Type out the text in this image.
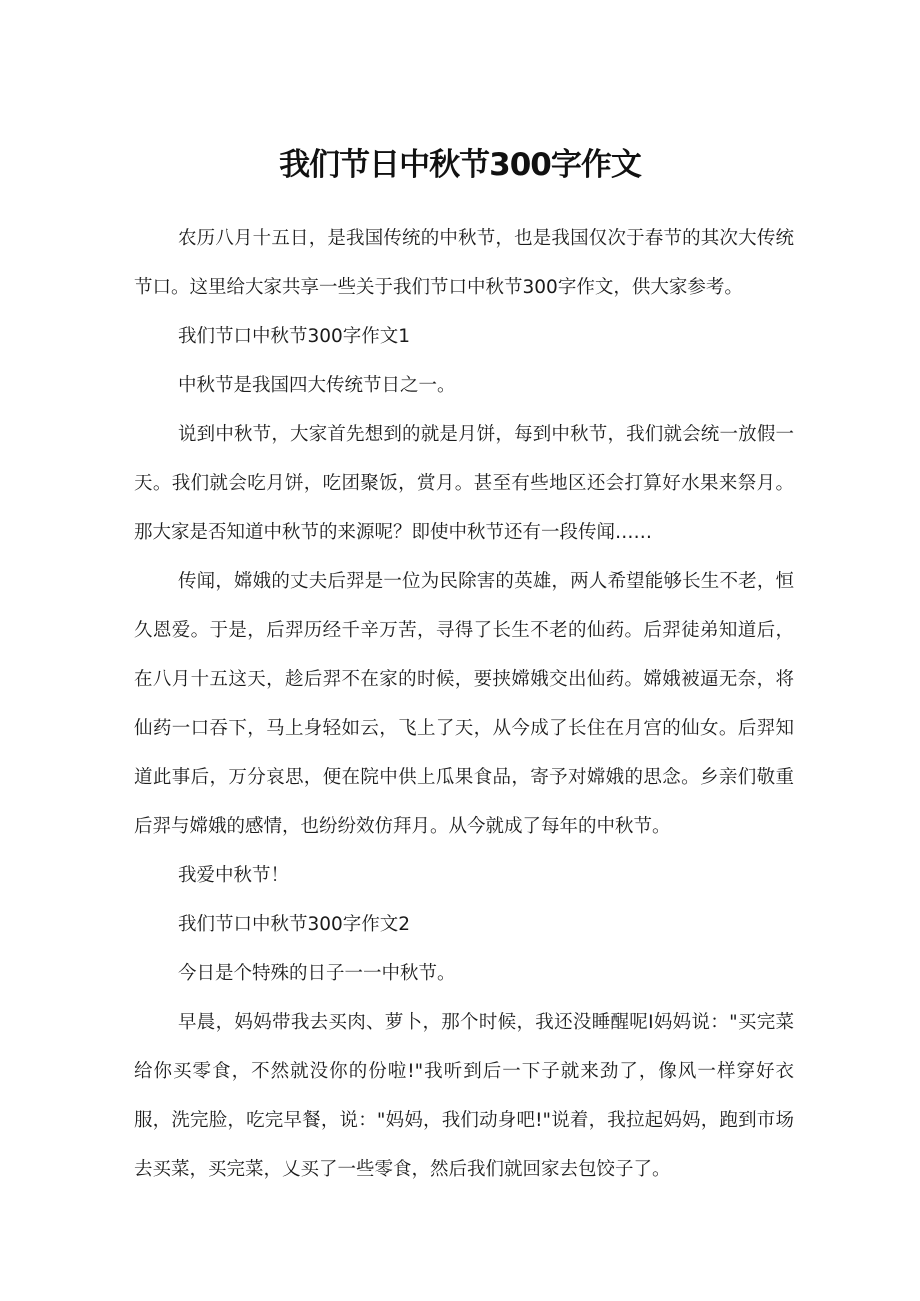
我们节日中秋节300字作文

农历八月十五日，是我国传统的中秋节，也是我国仅次于春节的其次大传统节口。这里给大家共享一些关于我们节口中秋节300字作文，供大家参考。

我们节口中秋节300字作文1

中秋节是我国四大传统节日之一。

说到中秋节，大家首先想到的就是月饼，每到中秋节，我们就会统一放假一天。我们就会吃月饼，吃团聚饭，赏月。甚至有些地区还会打算好水果来祭月。那大家是否知道中秋节的来源呢？即使中秋节还有一段传闻……

传闻，嫦娥的丈夫后羿是一位为民除害的英雄，两人希望能够长生不老，恒久恩爱。于是，后羿历经千辛万苦，寻得了长生不老的仙药。后羿徒弟知道后，在八月十五这天，趁后羿不在家的时候，要挟嫦娥交出仙药。嫦娥被逼无奈，将仙药一口吞下，马上身轻如云，飞上了天，从今成了长住在月宫的仙女。后羿知道此事后，万分哀思，便在院中供上瓜果食品，寄予对嫦娥的思念。乡亲们敬重后羿与嫦娥的感情，也纷纷效仿拜月。从今就成了每年的中秋节。

我爱中秋节！

我们节口中秋节300字作文2

今日是个特殊的日子一一中秋节。

早晨，妈妈带我去买肉、萝卜，那个时候，我还没睡醒呢I妈妈说："买完菜给你买零食，不然就没你的份啦!"我听到后一下子就来劲了，像风一样穿好衣服，洗完脸，吃完早餐，说："妈妈，我们动身吧!"说着，我拉起妈妈，跑到市场去买菜，买完菜，乂买了一些零食，然后我们就回家去包饺子了。
